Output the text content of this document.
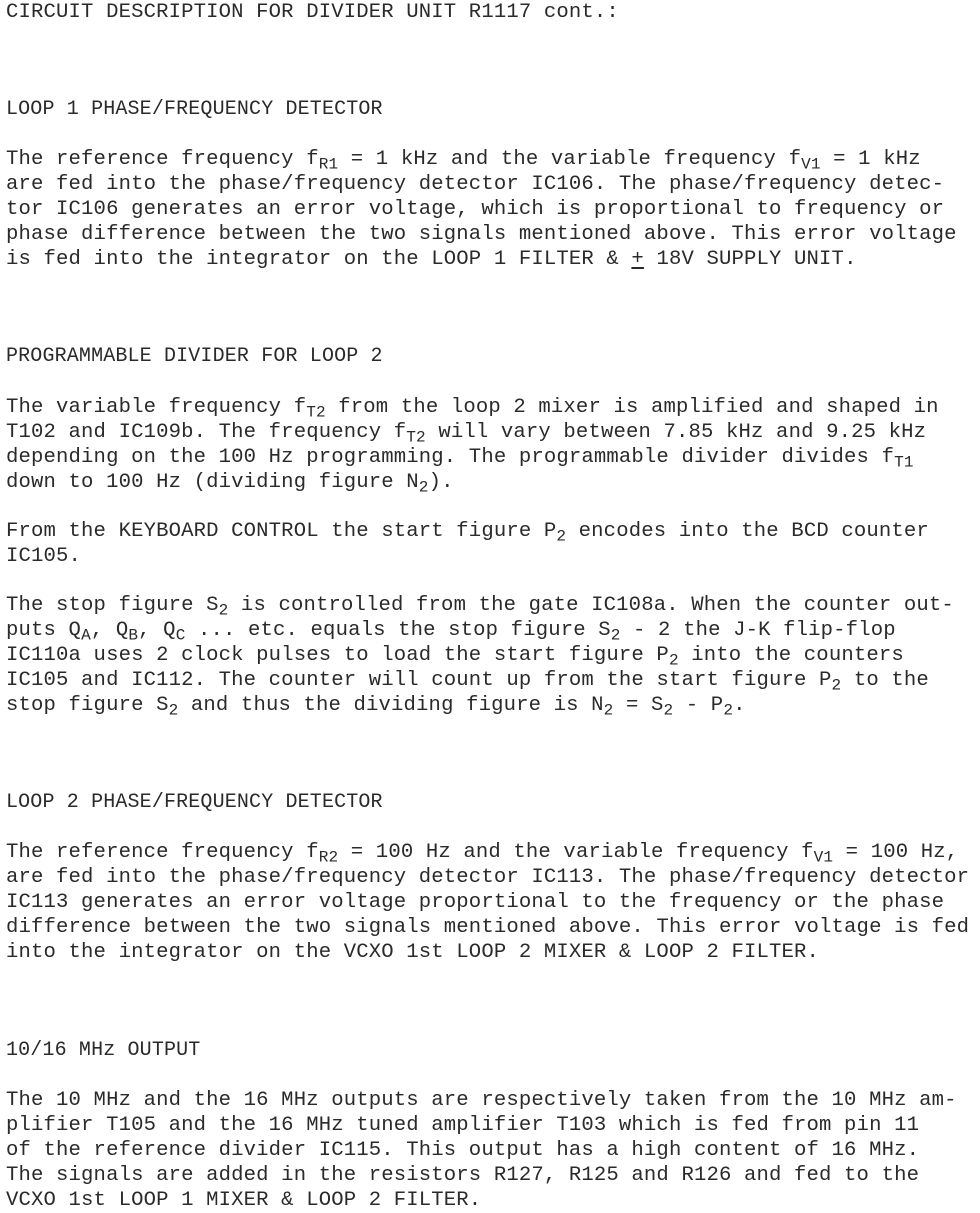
CIRCUIT DESCRIPTION FOR DIVIDER UNIT R1117 cont.:
LOOP 1 PHASE/FREQUENCY DETECTOR
The reference frequency $f_{R1} = 1$ kHz and the variable frequency $f_{V1} = 1$ kHz
are fed into the phase/frequency detector IC106. The phase/frequency detec-
tor IC106 generates an error voltage, which is proportional to frequency or
phase difference between the two signals mentioned above. This error voltage
is fed into the integrator on the LOOP 1 FILTER & + 18V SUPPLY UNIT.
PROGRAMMABLE DIVIDER FOR LOOP 2
The variable frequency $f_{T2}$ from the loop 2 mixer is amplified and shaped in
T102 and IC109b. The frequency $f_{T2}$ will vary between 7.85 kHz and 9.25 kHz
depending on the 100 Hz programming. The programmable divider divides $f_{T1}$
down to 100 Hz (dividing figure $N_2$).
From the KEYBOARD CONTROL the start figure $P_2$ encodes into the BCD counter
IC105.
The stop figure $S_2$ is controlled from the gate IC108a. When the counter out-
puts $Q_A$, $Q_B$, $Q_C$ ... etc. equals the stop figure $S_2 - 2$ the J-K flip-flop
IC110a uses 2 clock pulses to load the start figure $P_2$ into the counters
IC105 and IC112. The counter will count up from the start figure $P_2$ to the
stop figure $S_2$ and thus the dividing figure is $N_2 = S_2 - P_2$.
LOOP 2 PHASE/FREQUENCY DETECTOR
The reference frequency $f_{R2} = 100$ Hz and the variable frequency $f_{V1} = 100$ Hz,
are fed into the phase/frequency detector IC113. The phase/frequency detector
IC113 generates an error voltage proportional to the frequency or the phase
difference between the two signals mentioned above. This error voltage is fed
into the integrator on the VCXO 1st LOOP 2 MIXER & LOOP 2 FILTER.
10/16 MHz OUTPUT
The 10 MHz and the 16 MHz outputs are respectively taken from the 10 MHz am-
plifier T105 and the 16 MHz tuned amplifier T103 which is fed from pin 11
of the reference divider IC115. This output has a high content of 16 MHz.
The signals are added in the resistors R127, R125 and R126 and fed to the
VCXO 1st LOOP 1 MIXER & LOOP 2 FILTER.
